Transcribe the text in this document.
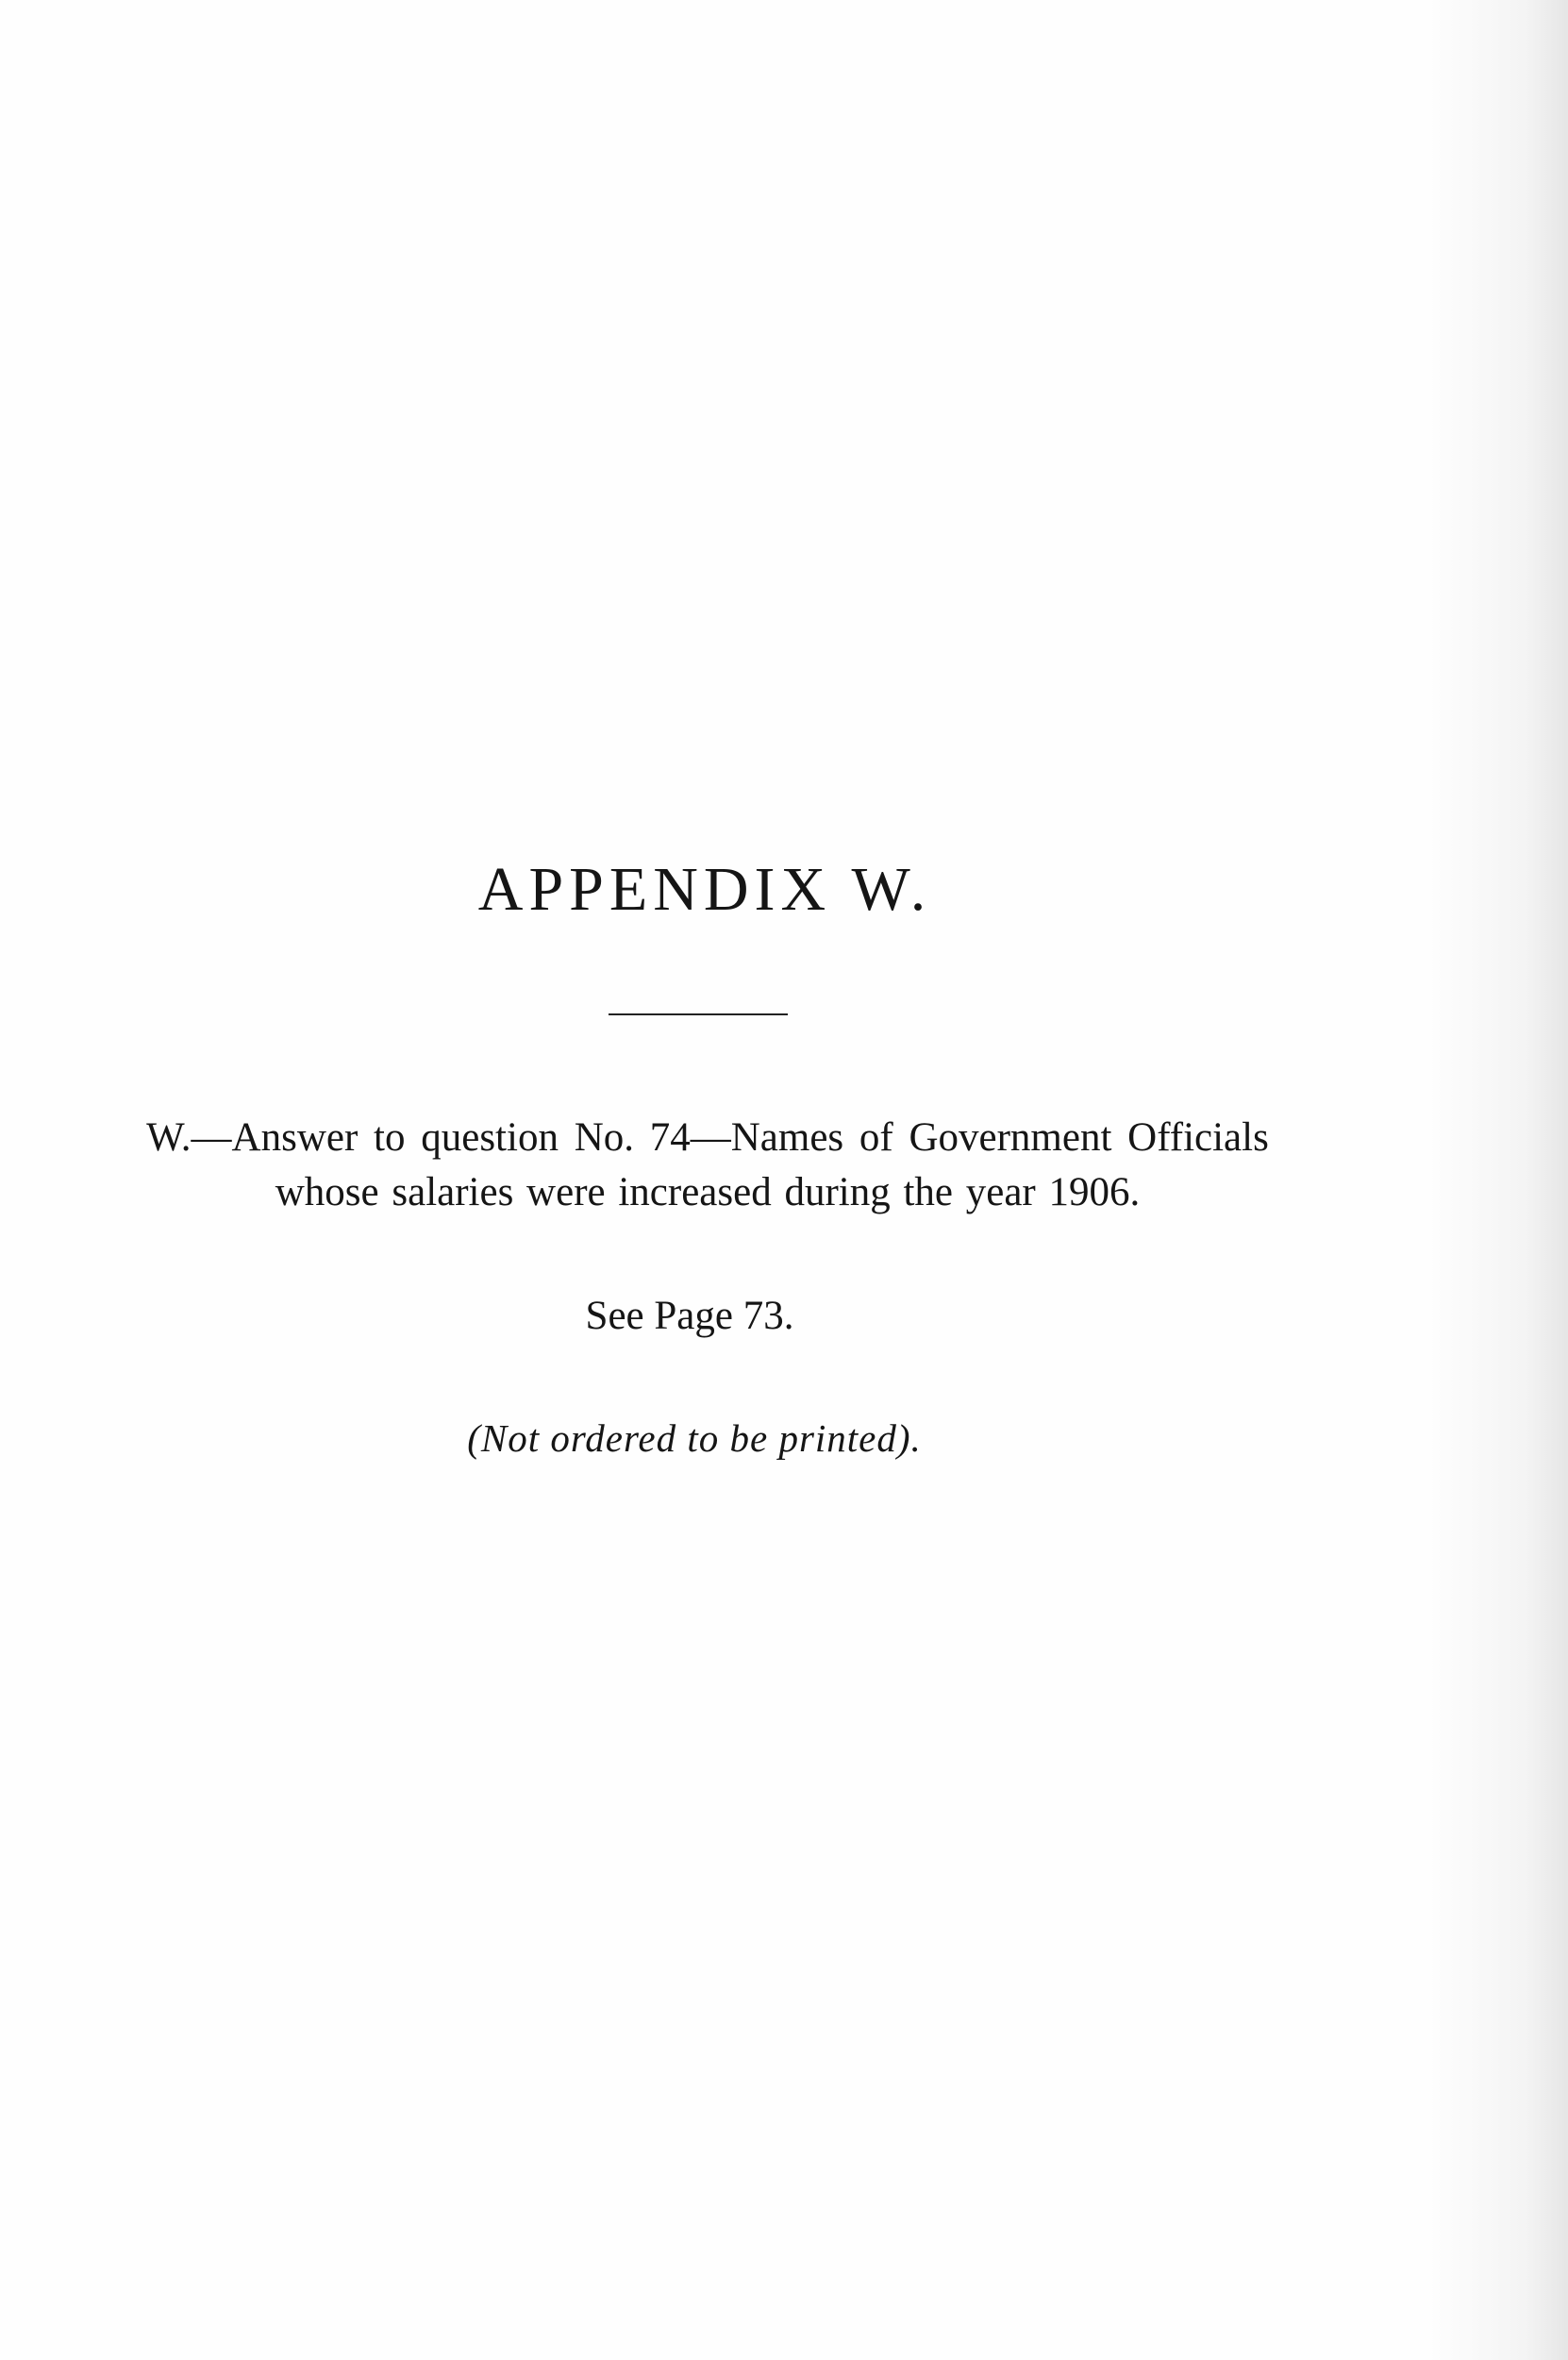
APPENDIX W.

W.—Answer to question No. 74—Names of Government Officials
whose salaries were increased during the year 1906.

See Page 73.

(Not ordered to be printed).
